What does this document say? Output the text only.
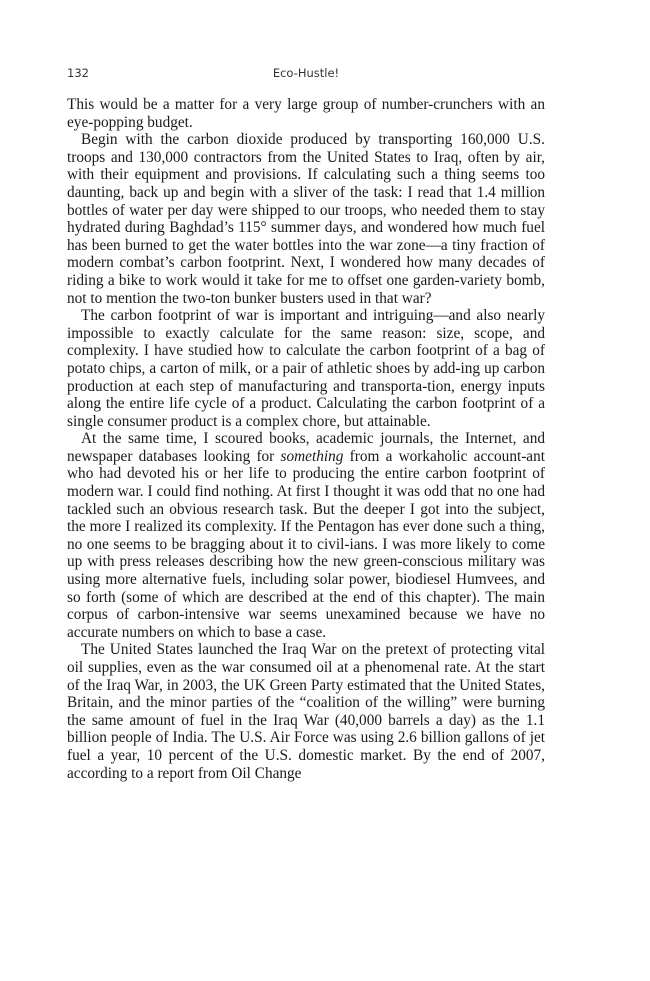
132	Eco-Hustle!

This would be a matter for a very large group of number-crunchers with an eye-popping budget.

Begin with the carbon dioxide produced by transporting 160,000 U.S. troops and 130,000 contractors from the United States to Iraq, often by air, with their equipment and provisions. If calculating such a thing seems too daunting, back up and begin with a sliver of the task: I read that 1.4 million bottles of water per day were shipped to our troops, who needed them to stay hydrated during Baghdad’s 115° summer days, and wondered how much fuel has been burned to get the water bottles into the war zone—a tiny fraction of modern combat’s carbon footprint. Next, I wondered how many decades of riding a bike to work would it take for me to offset one garden-variety bomb, not to mention the two-ton bunker busters used in that war?

The carbon footprint of war is important and intriguing—and also nearly impossible to exactly calculate for the same reason: size, scope, and complexity. I have studied how to calculate the carbon footprint of a bag of potato chips, a carton of milk, or a pair of athletic shoes by add-ing up carbon production at each step of manufacturing and transporta-tion, energy inputs along the entire life cycle of a product. Calculating the carbon footprint of a single consumer product is a complex chore, but attainable.

At the same time, I scoured books, academic journals, the Internet, and newspaper databases looking for something from a workaholic account-ant who had devoted his or her life to producing the entire carbon footprint of modern war. I could find nothing. At first I thought it was odd that no one had tackled such an obvious research task. But the deeper I got into the subject, the more I realized its complexity. If the Pentagon has ever done such a thing, no one seems to be bragging about it to civil-ians. I was more likely to come up with press releases describing how the new green-conscious military was using more alternative fuels, including solar power, biodiesel Humvees, and so forth (some of which are described at the end of this chapter). The main corpus of carbon-intensive war seems unexamined because we have no accurate numbers on which to base a case.

The United States launched the Iraq War on the pretext of protecting vital oil supplies, even as the war consumed oil at a phenomenal rate. At the start of the Iraq War, in 2003, the UK Green Party estimated that the United States, Britain, and the minor parties of the “coalition of the willing” were burning the same amount of fuel in the Iraq War (40,000 barrels a day) as the 1.1 billion people of India. The U.S. Air Force was using 2.6 billion gallons of jet fuel a year, 10 percent of the U.S. domestic market. By the end of 2007, according to a report from Oil Change
